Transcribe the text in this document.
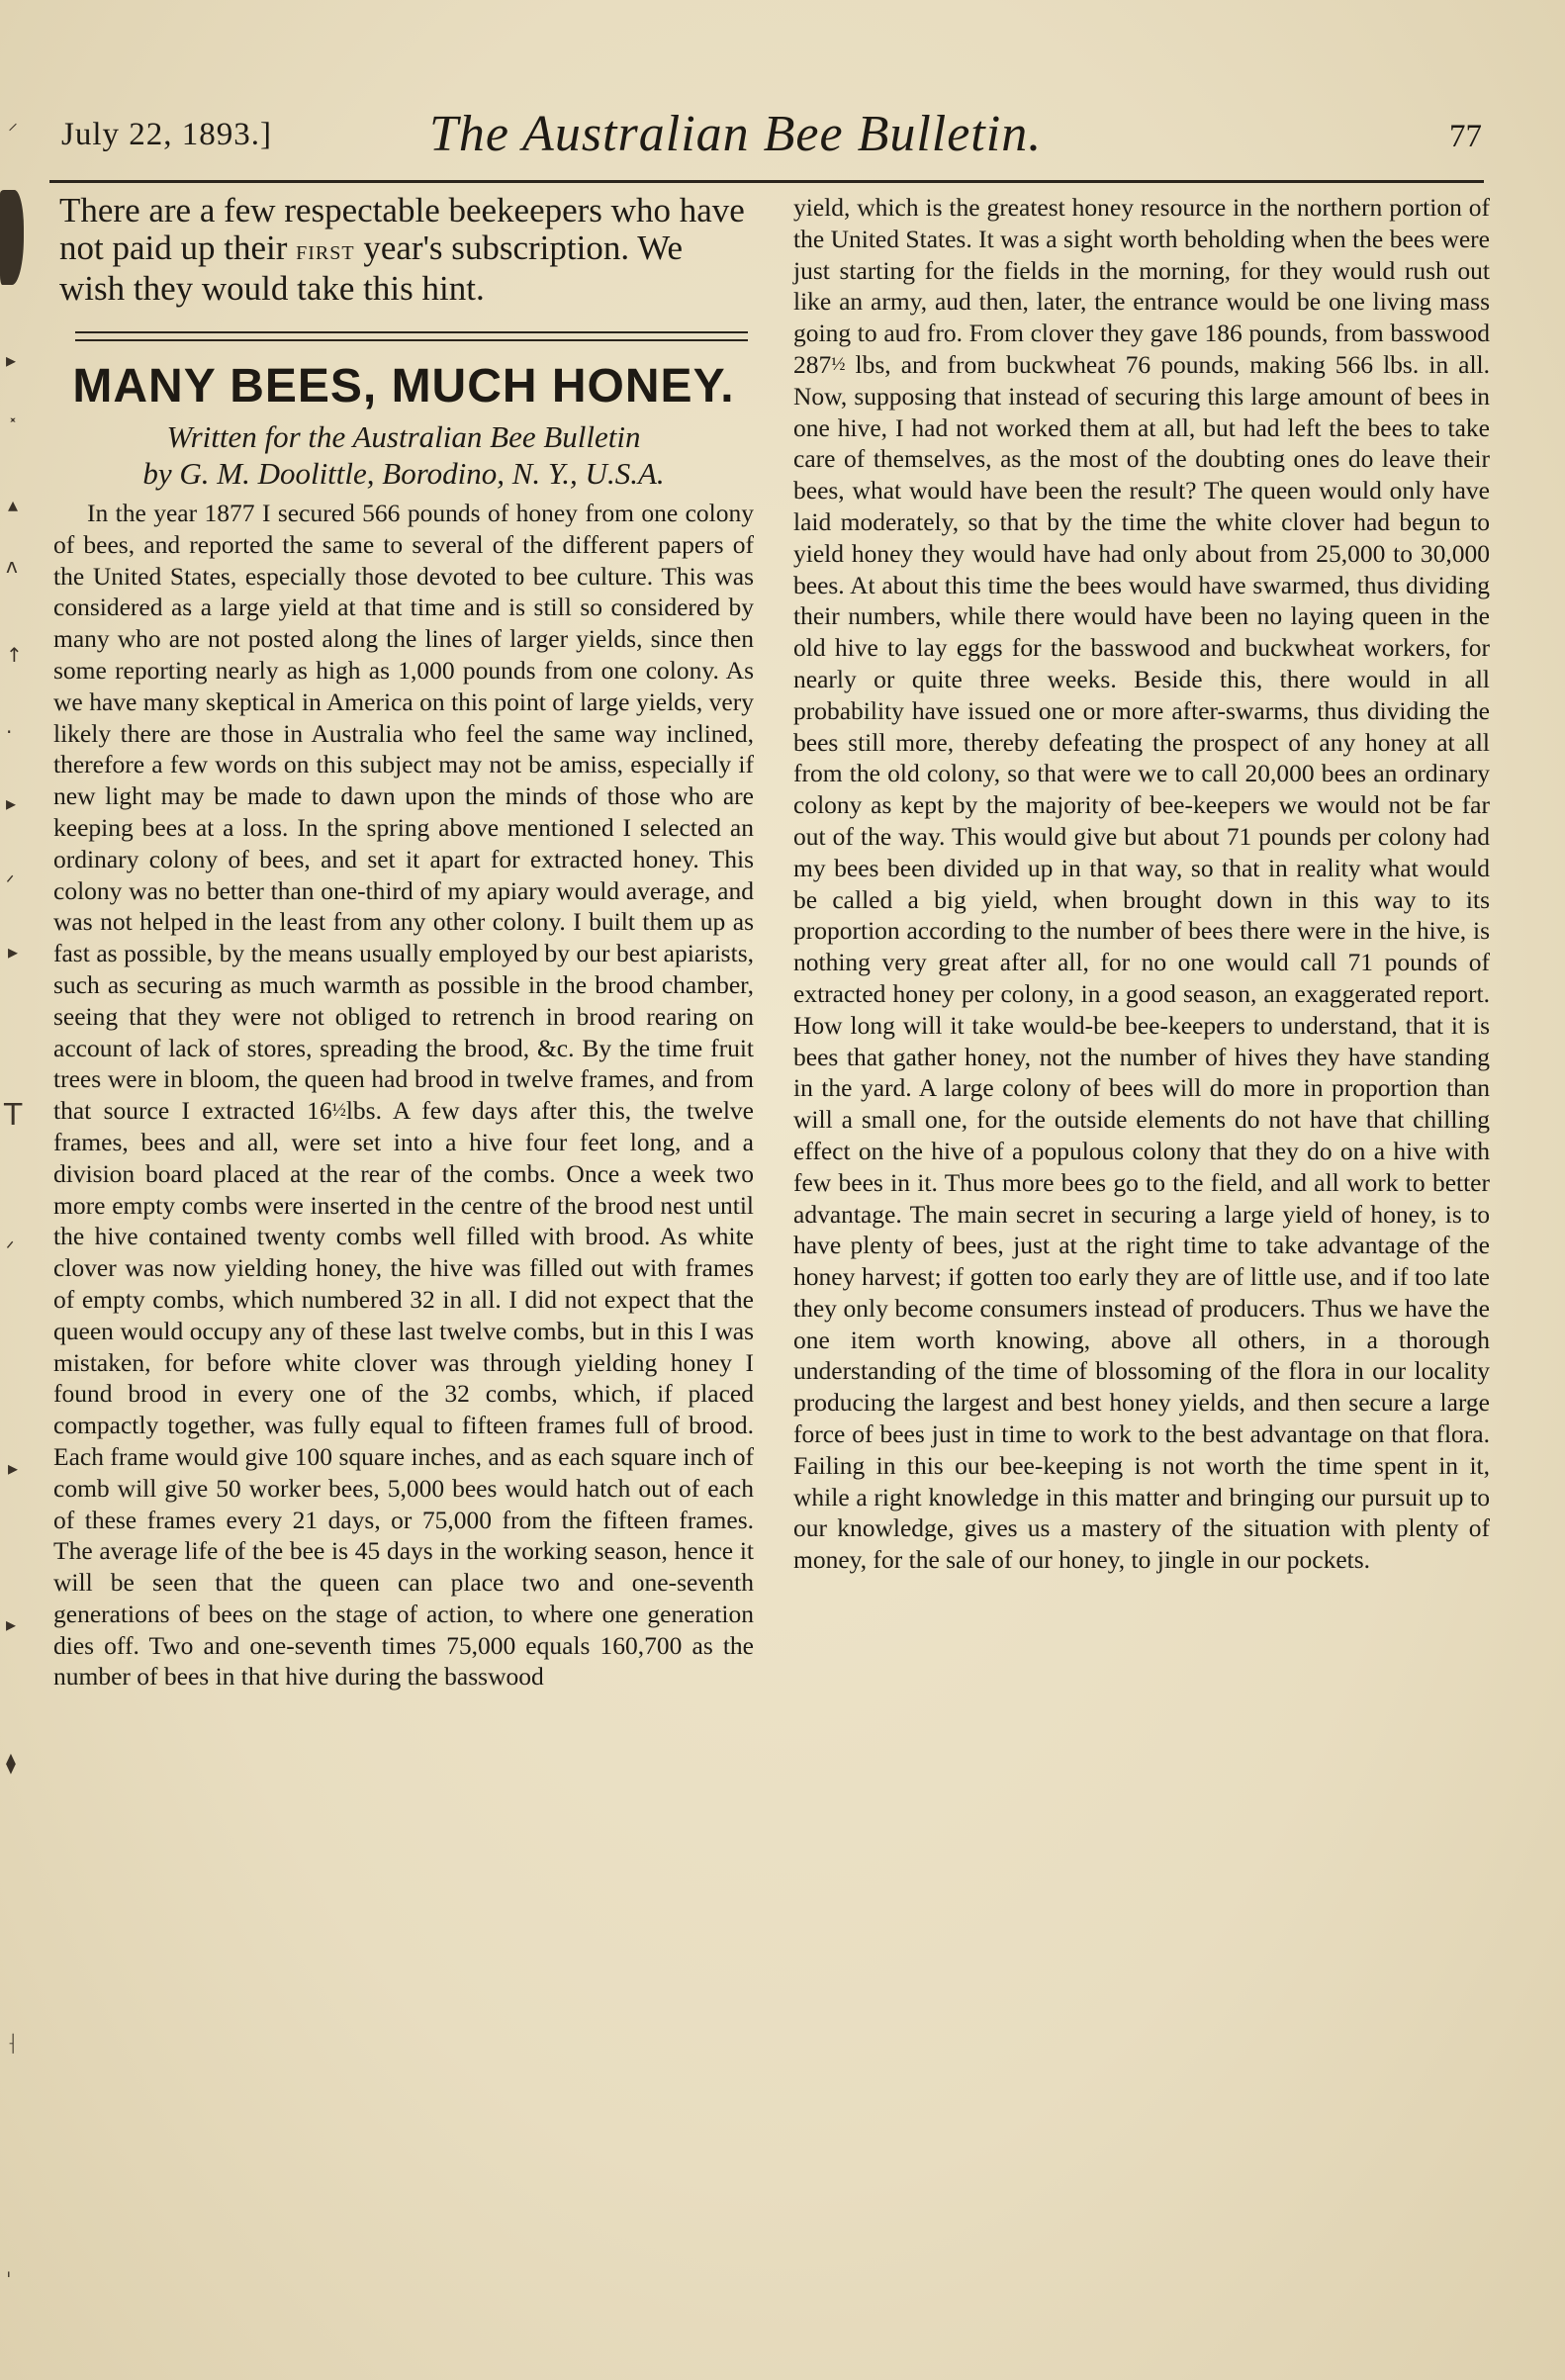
⸍
▸
˟
▴
ʌ
↑
·
▸
ᐟ
▸
ꓔ
ᐟ
▸
▸
⧫
⸡
ˌ
July 22, 1893.]	The Australian Bee Bulletin.	77

There are a few respectable beekeepers who have not paid up their first year's subscription. We wish they would take this hint.

MANY BEES, MUCH HONEY.

Written for the Australian Bee Bulletin

by G. M. Doolittle, Borodino, N. Y., U.S.A.

In the year 1877 I secured 566 pounds of honey from one colony of bees, and reported the same to several of the different papers of the United States, especially those devoted to bee culture. This was considered as a large yield at that time and is still so considered by many who are not posted along the lines of larger yields, since then some reporting nearly as high as 1,000 pounds from one colony. As we have many skeptical in America on this point of large yields, very likely there are those in Australia who feel the same way inclined, therefore a few words on this subject may not be amiss, especially if new light may be made to dawn upon the minds of those who are keeping bees at a loss. In the spring above mentioned I selected an ordinary colony of bees, and set it apart for extracted honey. This colony was no better than one-third of my apiary would average, and was not helped in the least from any other colony. I built them up as fast as possible, by the means usually employed by our best apiarists, such as securing as much warmth as possible in the brood chamber, seeing that they were not obliged to retrench in brood rearing on account of lack of stores, spreading the brood, &c. By the time fruit trees were in bloom, the queen had brood in twelve frames, and from that source I extracted 16½lbs. A few days after this, the twelve frames, bees and all, were set into a hive four feet long, and a division board placed at the rear of the combs. Once a week two more empty combs were inserted in the centre of the brood nest until the hive contained twenty combs well filled with brood. As white clover was now yielding honey, the hive was filled out with frames of empty combs, which numbered 32 in all. I did not expect that the queen would occupy any of these last twelve combs, but in this I was mistaken, for before white clover was through yielding honey I found brood in every one of the 32 combs, which, if placed compactly together, was fully equal to fifteen frames full of brood. Each frame would give 100 square inches, and as each square inch of comb will give 50 worker bees, 5,000 bees would hatch out of each of these frames every 21 days, or 75,000 from the fifteen frames. The average life of the bee is 45 days in the working season, hence it will be seen that the queen can place two and one-seventh generations of bees on the stage of action, to where one generation dies off. Two and one-seventh times 75,000 equals 160,700 as the number of bees in that hive during the basswood

yield, which is the greatest honey resource in the northern portion of the United States. It was a sight worth beholding when the bees were just starting for the fields in the morning, for they would rush out like an army, aud then, later, the entrance would be one living mass going to aud fro. From clover they gave 186 pounds, from basswood 287½ lbs, and from buckwheat 76 pounds, making 566 lbs. in all. Now, supposing that instead of securing this large amount of bees in one hive, I had not worked them at all, but had left the bees to take care of themselves, as the most of the doubting ones do leave their bees, what would have been the result? The queen would only have laid moderately, so that by the time the white clover had begun to yield honey they would have had only about from 25,000 to 30,000 bees. At about this time the bees would have swarmed, thus dividing their numbers, while there would have been no laying queen in the old hive to lay eggs for the basswood and buckwheat workers, for nearly or quite three weeks. Beside this, there would in all probability have issued one or more after-swarms, thus dividing the bees still more, thereby defeating the prospect of any honey at all from the old colony, so that were we to call 20,000 bees an ordinary colony as kept by the majority of bee-keepers we would not be far out of the way. This would give but about 71 pounds per colony had my bees been divided up in that way, so that in reality what would be called a big yield, when brought down in this way to its proportion according to the number of bees there were in the hive, is nothing very great after all, for no one would call 71 pounds of extracted honey per colony, in a good season, an exaggerated report. How long will it take would-be bee-keepers to understand, that it is bees that gather honey, not the number of hives they have standing in the yard. A large colony of bees will do more in proportion than will a small one, for the outside elements do not have that chilling effect on the hive of a populous colony that they do on a hive with few bees in it. Thus more bees go to the field, and all work to better advantage. The main secret in securing a large yield of honey, is to have plenty of bees, just at the right time to take advantage of the honey harvest; if gotten too early they are of little use, and if too late they only become consumers instead of producers. Thus we have the one item worth knowing, above all others, in a thorough understanding of the time of blossoming of the flora in our locality producing the largest and best honey yields, and then secure a large force of bees just in time to work to the best advantage on that flora. Failing in this our bee-keeping is not worth the time spent in it, while a right knowledge in this matter and bringing our pursuit up to our knowledge, gives us a mastery of the situation with plenty of money, for the sale of our honey, to jingle in our pockets.
